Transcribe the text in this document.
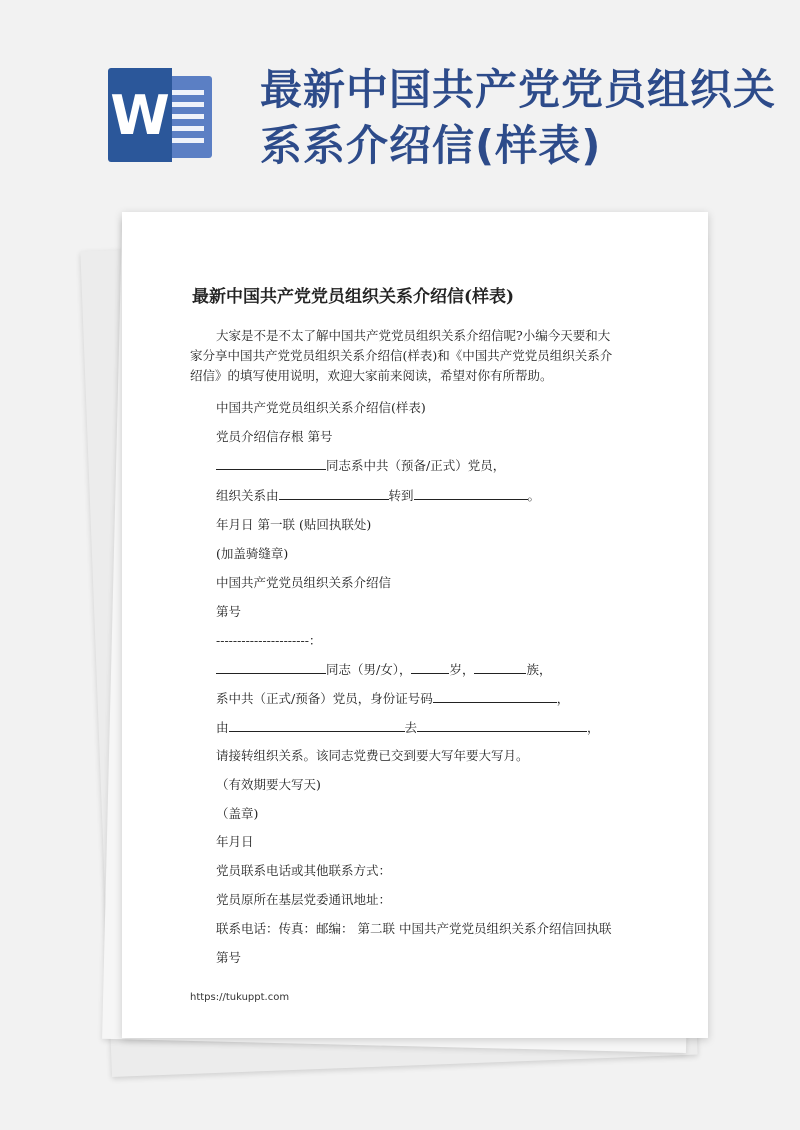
W 最新中国共产党党员组织关系系介绍信(样表)
最新中国共产党党员组织关系介绍信(样表)
大家是不是不太了解中国共产党党员组织关系介绍信呢?小编今天要和大家分享中国共产党党员组织关系介绍信(样表)和《中国共产党党员组织关系介绍信》的填写使用说明，欢迎大家前来阅读，希望对你有所帮助。
中国共产党党员组织关系介绍信(样表)
党员介绍信存根 第号
同志系中共（预备/正式）党员，
组织关系由	转到	。
年月日 第一联 (贴回执联处)
(加盖骑缝章)
中国共产党党员组织关系介绍信
第号
----------------------：
同志（男/女），	岁，	族，
系中共（正式/预备）党员，身份证号码	，
由	去	，
请接转组织关系。该同志党费已交到要大写年要大写月。
（有效期要大写天)
（盖章)
年月日
党员联系电话或其他联系方式：
党员原所在基层党委通讯地址：
联系电话：传真：邮编： 第二联 中国共产党党员组织关系介绍信回执联
第号
https://tukuppt.com
